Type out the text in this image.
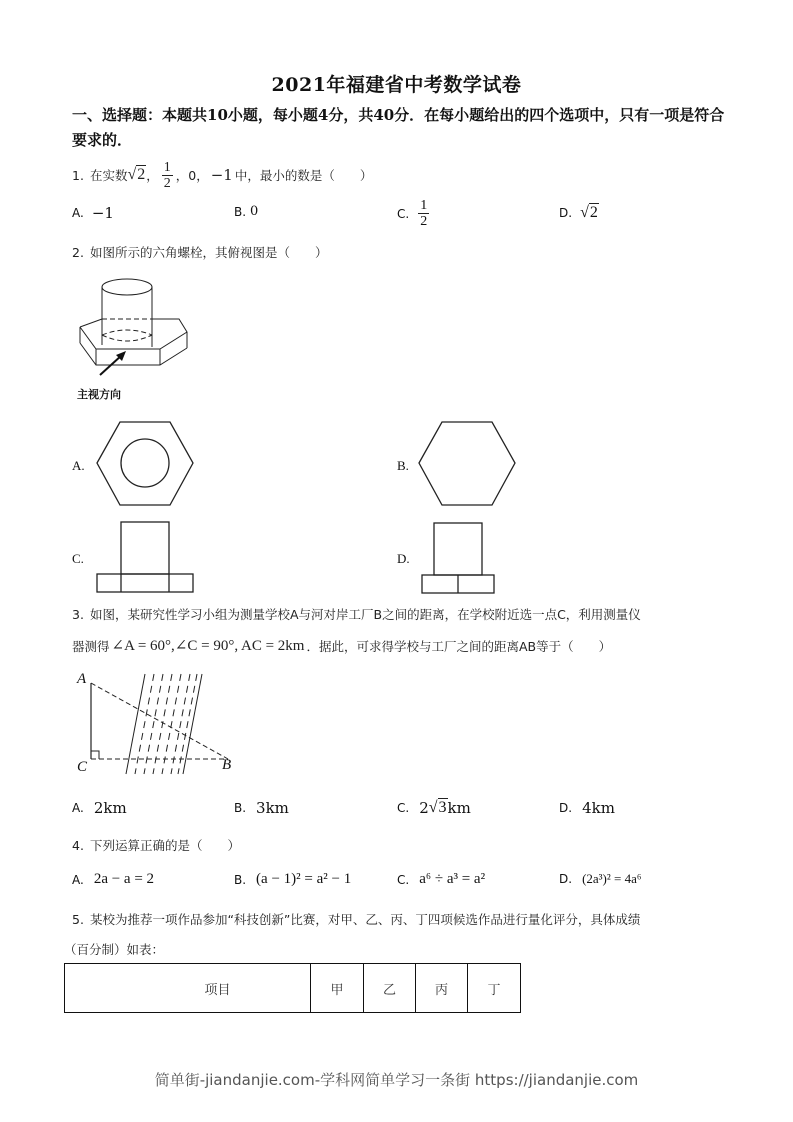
2021年福建省中考数学试卷
一、选择题：本题共10小题，每小题4分，共40分．在每小题给出的四个选项中，只有一项是符合要求的．
1. 在实数 √2 ， $\frac{1}{2}$ ，0， −1 中，最小的数是（　　）
A. −1	B. 0	C. $\frac{1}{2}$	D. √2
2. 如图所示的六角螺栓，其俯视图是（　　）
主视方向
A.	B.
C.	D.
3. 如图，某研究性学习小组为测量学校A与河对岸工厂B之间的距离，在学校附近选一点C，利用测量仪
器测得 ∠A = 60°,∠C = 90°, AC = 2km ．据此，可求得学校与工厂之间的距离AB等于（　　）
A
C	B
A. 2km	B. 3km	C. 2 √3 km	D. 4km
4. 下列运算正确的是（　　）
A. 2a − a = 2	B. (a − 1)² = a² − 1	C. a⁶ ÷ a³ = a²	D. (2a³)² = 4a⁶
5. 某校为推荐一项作品参加“科技创新”比赛，对甲、乙、丙、丁四项候选作品进行量化评分，具体成绩
（百分制）如表：
项目	甲	乙	丙	丁
简单街-jiandanjie.com-学科网简单学习一条街 https://jiandanjie.com
